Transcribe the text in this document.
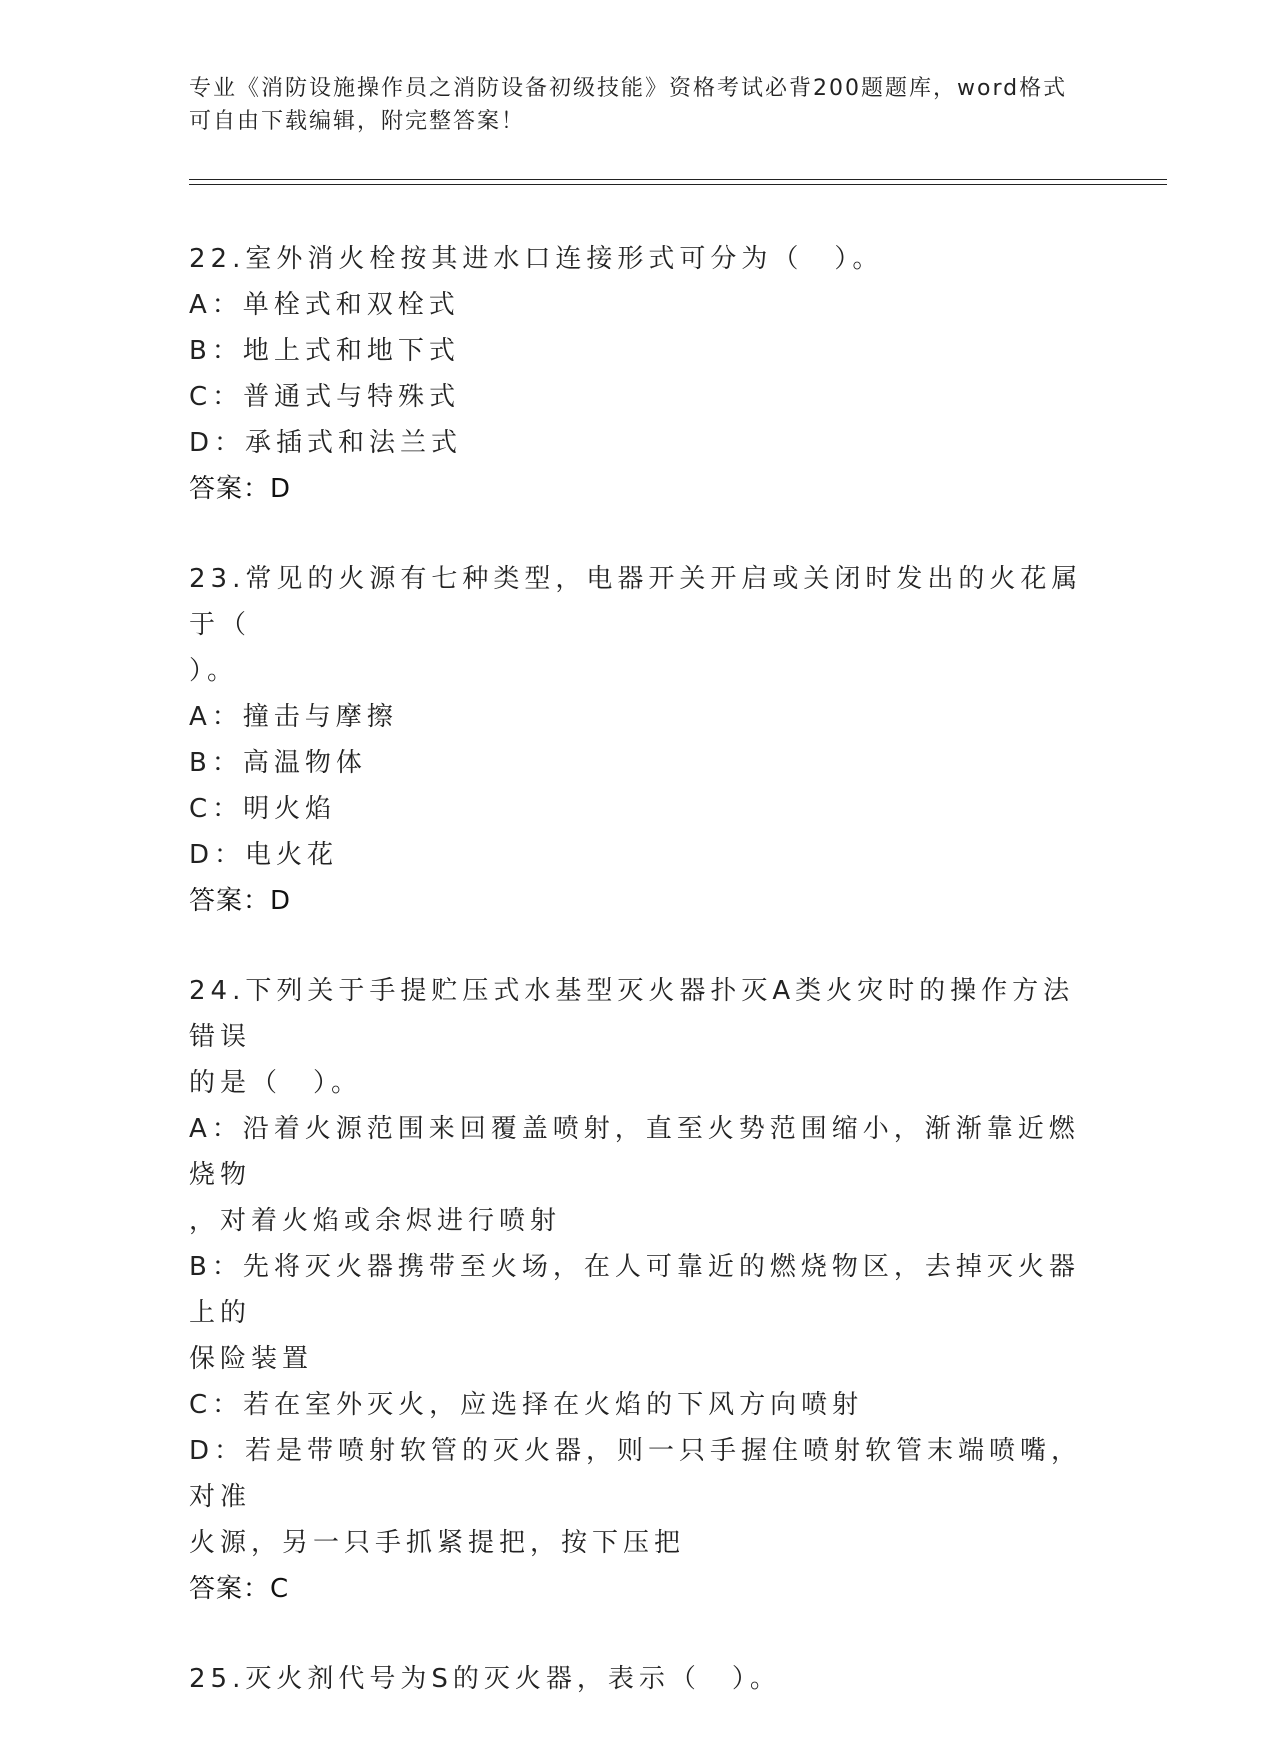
专业《消防设施操作员之消防设备初级技能》资格考试必背200题题库，word格式可自由下载编辑，附完整答案！
22.室外消火栓按其进水口连接形式可分为（　）。
A：单栓式和双栓式
B：地上式和地下式
C：普通式与特殊式
D：承插式和法兰式
答案：D
23.常见的火源有七种类型，电器开关开启或关闭时发出的火花属于（
）。
A：撞击与摩擦
B：高温物体
C：明火焰
D：电火花
答案：D
24.下列关于手提贮压式水基型灭火器扑灭A类火灾时的操作方法错误
的是（　）。
A：沿着火源范围来回覆盖喷射，直至火势范围缩小，渐渐靠近燃烧物
，对着火焰或余烬进行喷射
B：先将灭火器携带至火场，在人可靠近的燃烧物区，去掉灭火器上的
保险装置
C：若在室外灭火，应选择在火焰的下风方向喷射
D：若是带喷射软管的灭火器，则一只手握住喷射软管末端喷嘴，对准
火源，另一只手抓紧提把，按下压把
答案：C
25.灭火剂代号为S的灭火器，表示（　）。
